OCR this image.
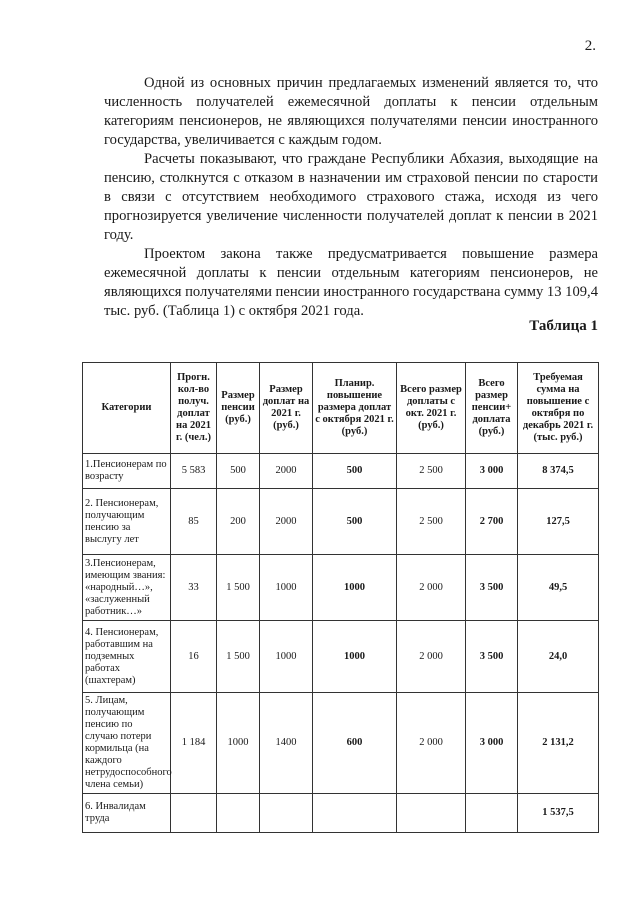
2.

Одной из основных причин предлагаемых изменений является то, что численность получателей ежемесячной доплаты к пенсии отдельным категориям пенсионеров, не являющихся получателями пенсии иностранного государства, увеличивается с каждым годом.

Расчеты показывают, что граждане Республики Абхазия, выходящие на пенсию, столкнутся с отказом в назначении им страховой пенсии по старости в связи с отсутствием необходимого страхового стажа, исходя из чего прогнозируется увеличение численности получателей доплат к пенсии в 2021 году.

Проектом закона также предусматривается повышение размера ежемесячной доплаты к пенсии отдельным категориям пенсионеров, не являющихся получателями пенсии иностранного государствана сумму 13 109,4 тыс. руб. (Таблица 1) с октября 2021 года.

Таблица 1
Категории	Прогн. кол-во получ. доплат на 2021 г. (чел.)	Размер пенсии (руб.)	Размер доплат на 2021 г. (руб.)	Планир. повышение размера доплат с октября 2021 г. (руб.)	Всего размер доплаты с окт. 2021 г. (руб.)	Всего размер пенсии+ доплата (руб.)	Требуемая сумма на повышение с октября по декабрь 2021 г. (тыс. руб.)
1.Пенсионерам по возрасту	5 583	500	2000	500	2 500	3 000	8 374,5
2. Пенсионерам, получающим пенсию за выслугу лет	85	200	2000	500	2 500	2 700	127,5
3.Пенсионерам, имеющим звания: «народный…», «заслуженный работник…»	33	1 500	1000	1000	2 000	3 500	49,5
4. Пенсионерам, работавшим на подземных работах (шахтерам)	16	1 500	1000	1000	2 000	3 500	24,0
5. Лицам, получающим пенсию по случаю потери кормильца (на каждого нетрудоспособного члена семьи)	1 184	1000	1400	600	2 000	3 000	2 131,2
6. Инвалидам труда							1 537,5
